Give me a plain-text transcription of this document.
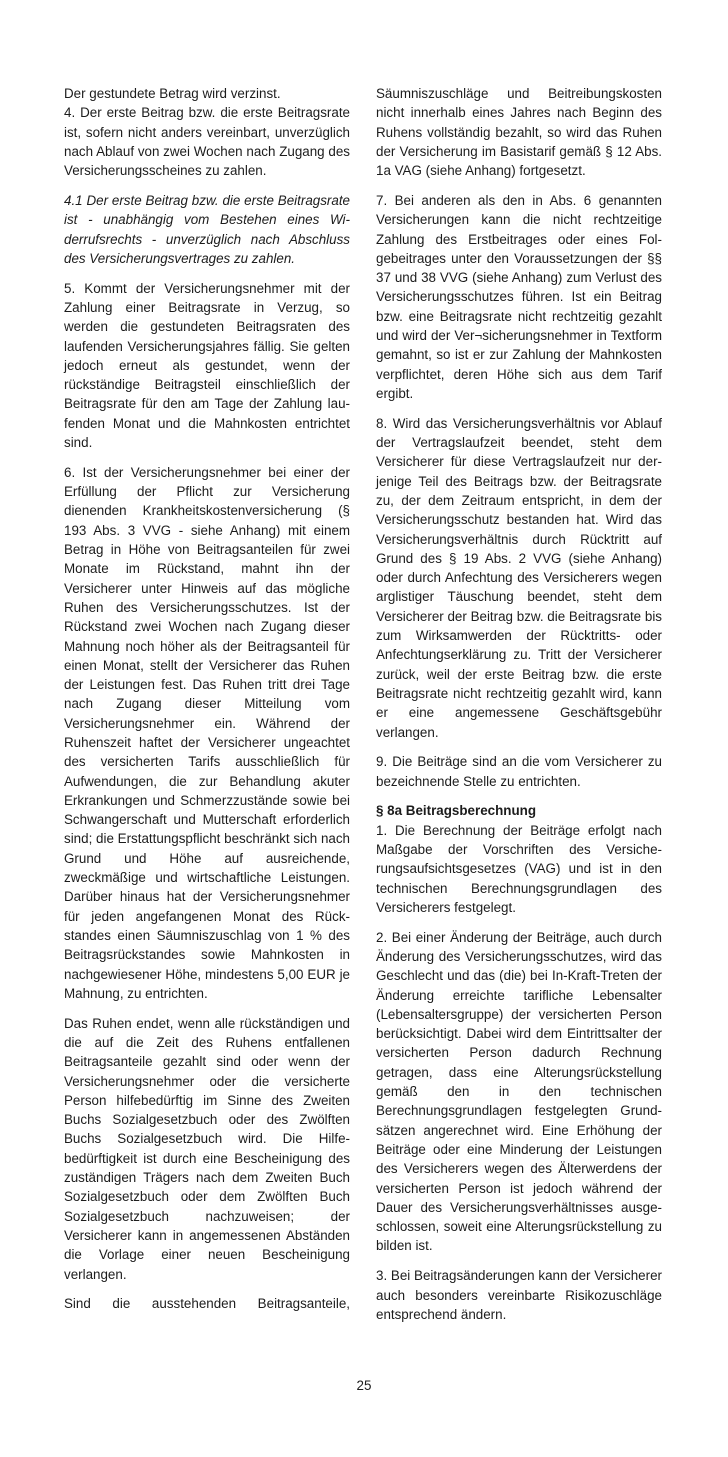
Der gestundete Betrag wird verzinst.

4. Der erste Beitrag bzw. die erste Beitragsrate ist, sofern nicht anders vereinbart, unverzüglich nach Ablauf von zwei Wochen nach Zugang des Versicherungsscheines zu zahlen.

4.1 Der erste Beitrag bzw. die erste Beitragsrate ist - unabhängig vom Bestehen eines Widerrufsrechts - unverzüglich nach Abschluss des Versicherungsvertrages zu zahlen.

5. Kommt der Versicherungsnehmer mit der Zahlung einer Beitragsrate in Verzug, so werden die gestundeten Beitragsraten des laufenden Versicherungsjahres fällig. Sie gelten jedoch erneut als gestundet, wenn der rückständige Beitragsteil einschließlich der Beitragsrate für den am Tage der Zahlung laufenden Monat und die Mahnkosten entrichtet sind.

6. Ist der Versicherungsnehmer bei einer der Erfüllung der Pflicht zur Versicherung dienenden Krankheitskostenversicherung (§ 193 Abs. 3 VVG - siehe Anhang) mit einem Betrag in Höhe von Beitragsanteilen für zwei Monate im Rückstand, mahnt ihn der Versicherer unter Hinweis auf das mögliche Ruhen des Versicherungsschutzes. Ist der Rückstand zwei Wochen nach Zugang dieser Mahnung noch höher als der Beitragsanteil für einen Monat, stellt der Versicherer das Ruhen der Leistungen fest. Das Ruhen tritt drei Tage nach Zugang dieser Mitteilung vom Versicherungsnehmer ein. Während der Ruhenszeit haftet der Versicherer ungeachtet des versicherten Tarifs ausschließlich für Aufwendungen, die zur Behandlung akuter Erkrankungen und Schmerzzustände sowie bei Schwangerschaft und Mutterschaft erforderlich sind; die Erstattungspflicht beschränkt sich nach Grund und Höhe auf ausreichende, zweckmäßige und wirtschaftliche Leistungen. Darüber hinaus hat der Versicherungsnehmer für jeden angefangenen Monat des Rückstandes einen Säumniszuschlag von 1 % des Beitragsrückstandes sowie Mahnkosten in nachgewiesener Höhe, mindestens 5,00 EUR je Mahnung, zu entrichten.

Das Ruhen endet, wenn alle rückständigen und die auf die Zeit des Ruhens entfallenen Beitragsanteile gezahlt sind oder wenn der Versicherungsnehmer oder die versicherte Person hilfebedürftig im Sinne des Zweiten Buchs Sozialgesetzbuch oder des Zwölften Buchs Sozialgesetzbuch wird. Die Hilfebedürftigkeit ist durch eine Bescheinigung des zuständigen Trägers nach dem Zweiten Buch Sozialgesetzbuch oder dem Zwölften Buch Sozialgesetzbuch nachzuweisen; der Versicherer kann in angemessenen Abständen die Vorlage einer neuen Bescheinigung verlangen.

Sind die ausstehenden Beitragsanteile,

Säumniszuschläge und Beitreibungskosten nicht innerhalb eines Jahres nach Beginn des Ruhens vollständig bezahlt, so wird das Ruhen der Versicherung im Basistarif gemäß § 12 Abs. 1a VAG (siehe Anhang) fortgesetzt.

7. Bei anderen als den in Abs. 6 genannten Versicherungen kann die nicht rechtzeitige Zahlung des Erstbeitrages oder eines Folgebeitrages unter den Voraussetzungen der §§ 37 und 38 VVG (siehe Anhang) zum Verlust des Versicherungsschutzes führen. Ist ein Beitrag bzw. eine Beitragsrate nicht rechtzeitig gezahlt und wird der Ver¬sicherungsnehmer in Textform gemahnt, so ist er zur Zahlung der Mahnkosten verpflichtet, deren Höhe sich aus dem Tarif ergibt.

8. Wird das Versicherungsverhältnis vor Ablauf der Vertragslaufzeit beendet, steht dem Versicherer für diese Vertragslaufzeit nur derjenige Teil des Beitrags bzw. der Beitragsrate zu, der dem Zeitraum entspricht, in dem der Versicherungsschutz bestanden hat. Wird das Versicherungsverhältnis durch Rücktritt auf Grund des § 19 Abs. 2 VVG (siehe Anhang) oder durch Anfechtung des Versicherers wegen arglistiger Täuschung beendet, steht dem Versicherer der Beitrag bzw. die Beitragsrate bis zum Wirksamwerden der Rücktritts- oder Anfechtungserklärung zu. Tritt der Versicherer zurück, weil der erste Beitrag bzw. die erste Beitragsrate nicht rechtzeitig gezahlt wird, kann er eine angemessene Geschäftsgebühr verlangen.

9. Die Beiträge sind an die vom Versicherer zu bezeichnende Stelle zu entrichten.

§ 8a Beitragsberechnung

1. Die Berechnung der Beiträge erfolgt nach Maßgabe der Vorschriften des Versicherungsaufsichtsgesetzes (VAG) und ist in den technischen Berechnungsgrundlagen des Versicherers festgelegt.

2. Bei einer Änderung der Beiträge, auch durch Änderung des Versicherungsschutzes, wird das Geschlecht und das (die) bei In-Kraft-Treten der Änderung erreichte tarifliche Lebensalter (Lebensaltersgruppe) der versicherten Person berücksichtigt. Dabei wird dem Eintrittsalter der versicherten Person dadurch Rechnung getragen, dass eine Alterungsrückstellung gemäß den in den technischen Berechnungsgrundlagen festgelegten Grundsätzen angerechnet wird. Eine Erhöhung der Beiträge oder eine Minderung der Leistungen des Versicherers wegen des Älterwerdens der versicherten Person ist jedoch während der Dauer des Versicherungsverhältnisses ausgeschlossen, soweit eine Alterungsrückstellung zu bilden ist.

3. Bei Beitragsänderungen kann der Versicherer auch besonders vereinbarte Risikozuschläge entsprechend ändern.

25
